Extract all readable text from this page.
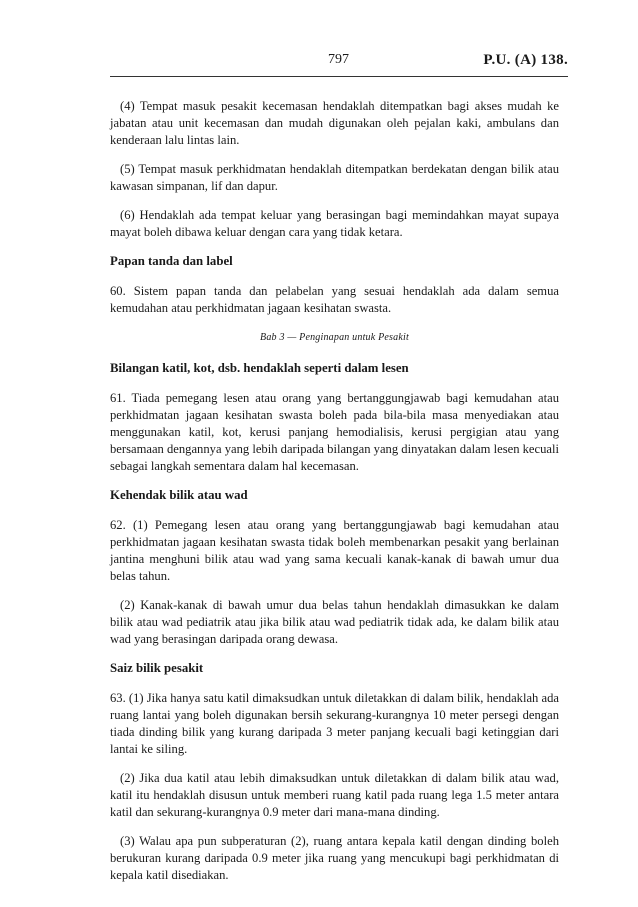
797	P.U. (A) 138.

(4) Tempat masuk pesakit kecemasan hendaklah ditempatkan bagi akses mudah ke jabatan atau unit kecemasan dan mudah digunakan oleh pejalan kaki, ambulans dan kenderaan lalu lintas lain.

(5) Tempat masuk perkhidmatan hendaklah ditempatkan berdekatan dengan bilik atau kawasan simpanan, lif dan dapur.

(6) Hendaklah ada tempat keluar yang berasingan bagi memindahkan mayat supaya mayat boleh dibawa keluar dengan cara yang tidak ketara.

Papan tanda dan label

60. Sistem papan tanda dan pelabelan yang sesuai hendaklah ada dalam semua kemudahan atau perkhidmatan jagaan kesihatan swasta.

Bab 3 — Penginapan untuk Pesakit

Bilangan katil, kot, dsb. hendaklah seperti dalam lesen

61. Tiada pemegang lesen atau orang yang bertanggungjawab bagi kemudahan atau perkhidmatan jagaan kesihatan swasta boleh pada bila-bila masa menyediakan atau menggunakan katil, kot, kerusi panjang hemodialisis, kerusi pergigian atau yang bersamaan dengannya yang lebih daripada bilangan yang dinyatakan dalam lesen kecuali sebagai langkah sementara dalam hal kecemasan.

Kehendak bilik atau wad

62. (1) Pemegang lesen atau orang yang bertanggungjawab bagi kemudahan atau perkhidmatan jagaan kesihatan swasta tidak boleh membenarkan pesakit yang berlainan jantina menghuni bilik atau wad yang sama kecuali kanak-kanak di bawah umur dua belas tahun.

(2) Kanak-kanak di bawah umur dua belas tahun hendaklah dimasukkan ke dalam bilik atau wad pediatrik atau jika bilik atau wad pediatrik tidak ada, ke dalam bilik atau wad yang berasingan daripada orang dewasa.

Saiz bilik pesakit

63. (1) Jika hanya satu katil dimaksudkan untuk diletakkan di dalam bilik, hendaklah ada ruang lantai yang boleh digunakan bersih sekurang-kurangnya 10 meter persegi dengan tiada dinding bilik yang kurang daripada 3 meter panjang kecuali bagi ketinggian dari lantai ke siling.

(2) Jika dua katil atau lebih dimaksudkan untuk diletakkan di dalam bilik atau wad, katil itu hendaklah disusun untuk memberi ruang katil pada ruang lega 1.5 meter antara katil dan sekurang-kurangnya 0.9 meter dari mana-mana dinding.

(3) Walau apa pun subperaturan (2), ruang antara kepala katil dengan dinding boleh berukuran kurang daripada 0.9 meter jika ruang yang mencukupi bagi perkhidmatan di kepala katil disediakan.
